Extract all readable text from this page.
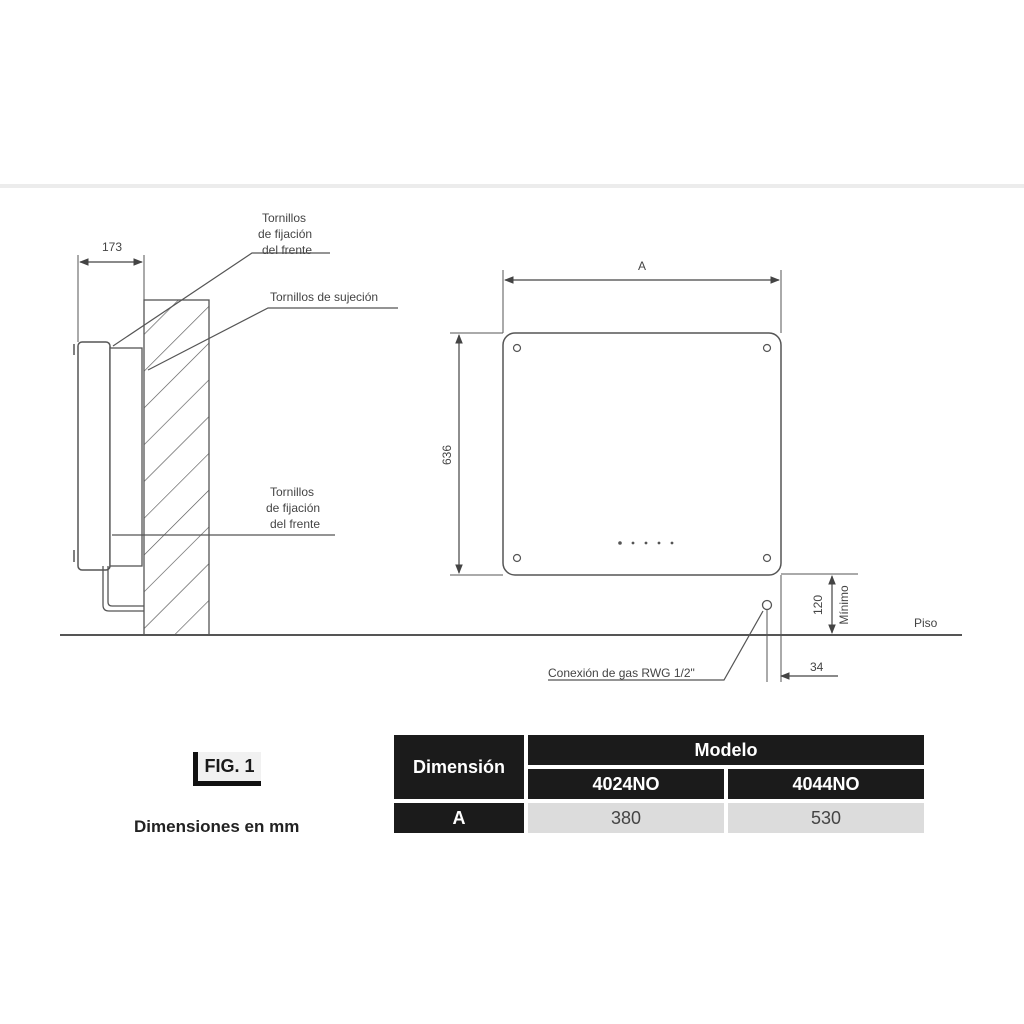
173
Tornillos de fijación del frente
Tornillos de sujeción
Tornillos de fijación del frente
A
636
120 Mínimo	Piso
Conexión de gas RWG 1/2"	34
FIG. 1
Dimensiones en mm
Dimensión	Modelo	
	4024NO	4044NO
A	380	530
